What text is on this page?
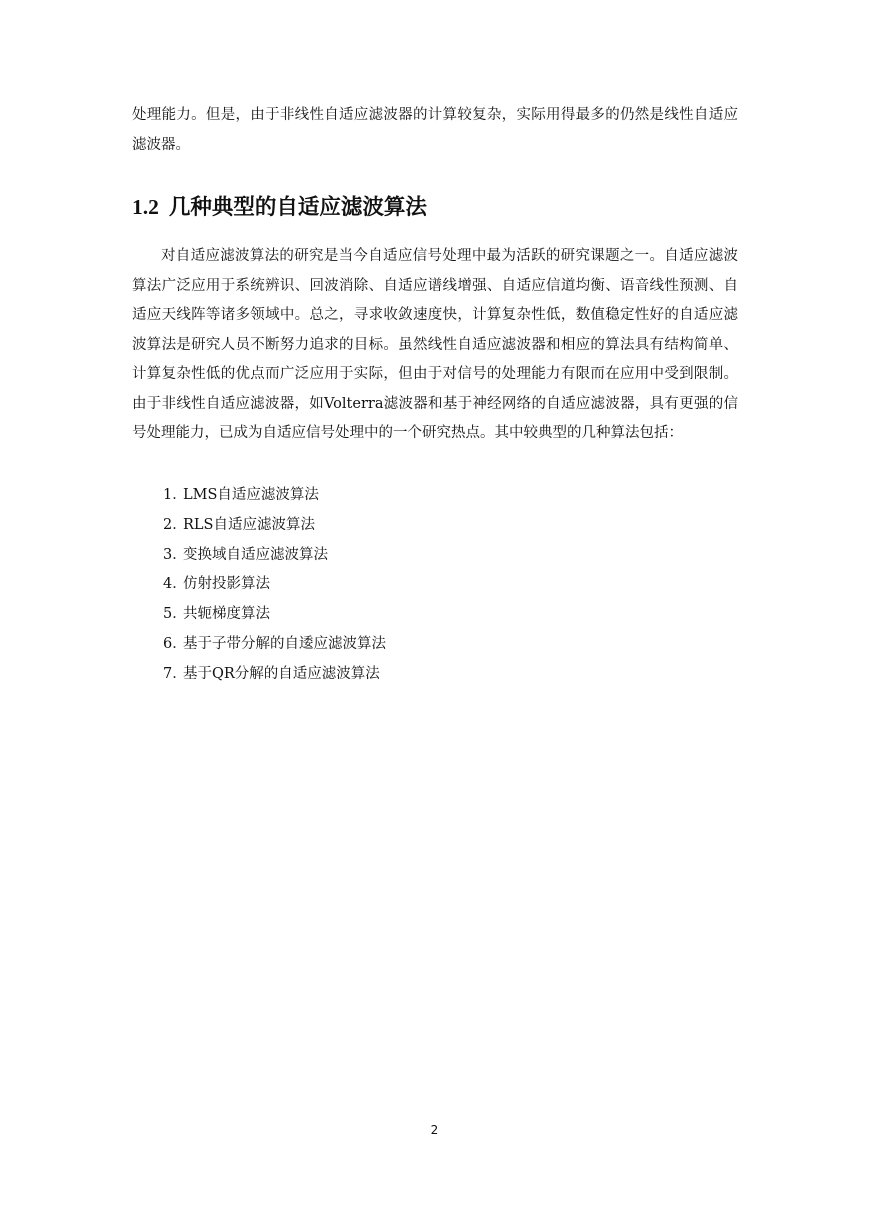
处理能力。但是，由于非线性自适应滤波器的计算较复杂，实际用得最多的仍然是线性自适应滤波器。

1.2 几种典型的自适应滤波算法

对自适应滤波算法的研究是当今自适应信号处理中最为活跃的研究课题之一。自适应滤波算法广泛应用于系统辨识、回波消除、自适应谱线增强、自适应信道均衡、语音线性预测、自适应天线阵等诸多领域中。总之，寻求收敛速度快，计算复杂性低，数值稳定性好的自适应滤波算法是研究人员不断努力追求的目标。虽然线性自适应滤波器和相应的算法具有结构简单、计算复杂性低的优点而广泛应用于实际，但由于对信号的处理能力有限而在应用中受到限制。由于非线性自适应滤波器，如Volterra滤波器和基于神经网络的自适应滤波器，具有更强的信号处理能力，已成为自适应信号处理中的一个研究热点。其中较典型的几种算法包括：

1．LMS自适应滤波算法
2．RLS自适应滤波算法
3．变换域自适应滤波算法
4．仿射投影算法
5．共轭梯度算法
6．基于子带分解的自逶应滤波算法
7．基于QR分解的自适应滤波算法
2
